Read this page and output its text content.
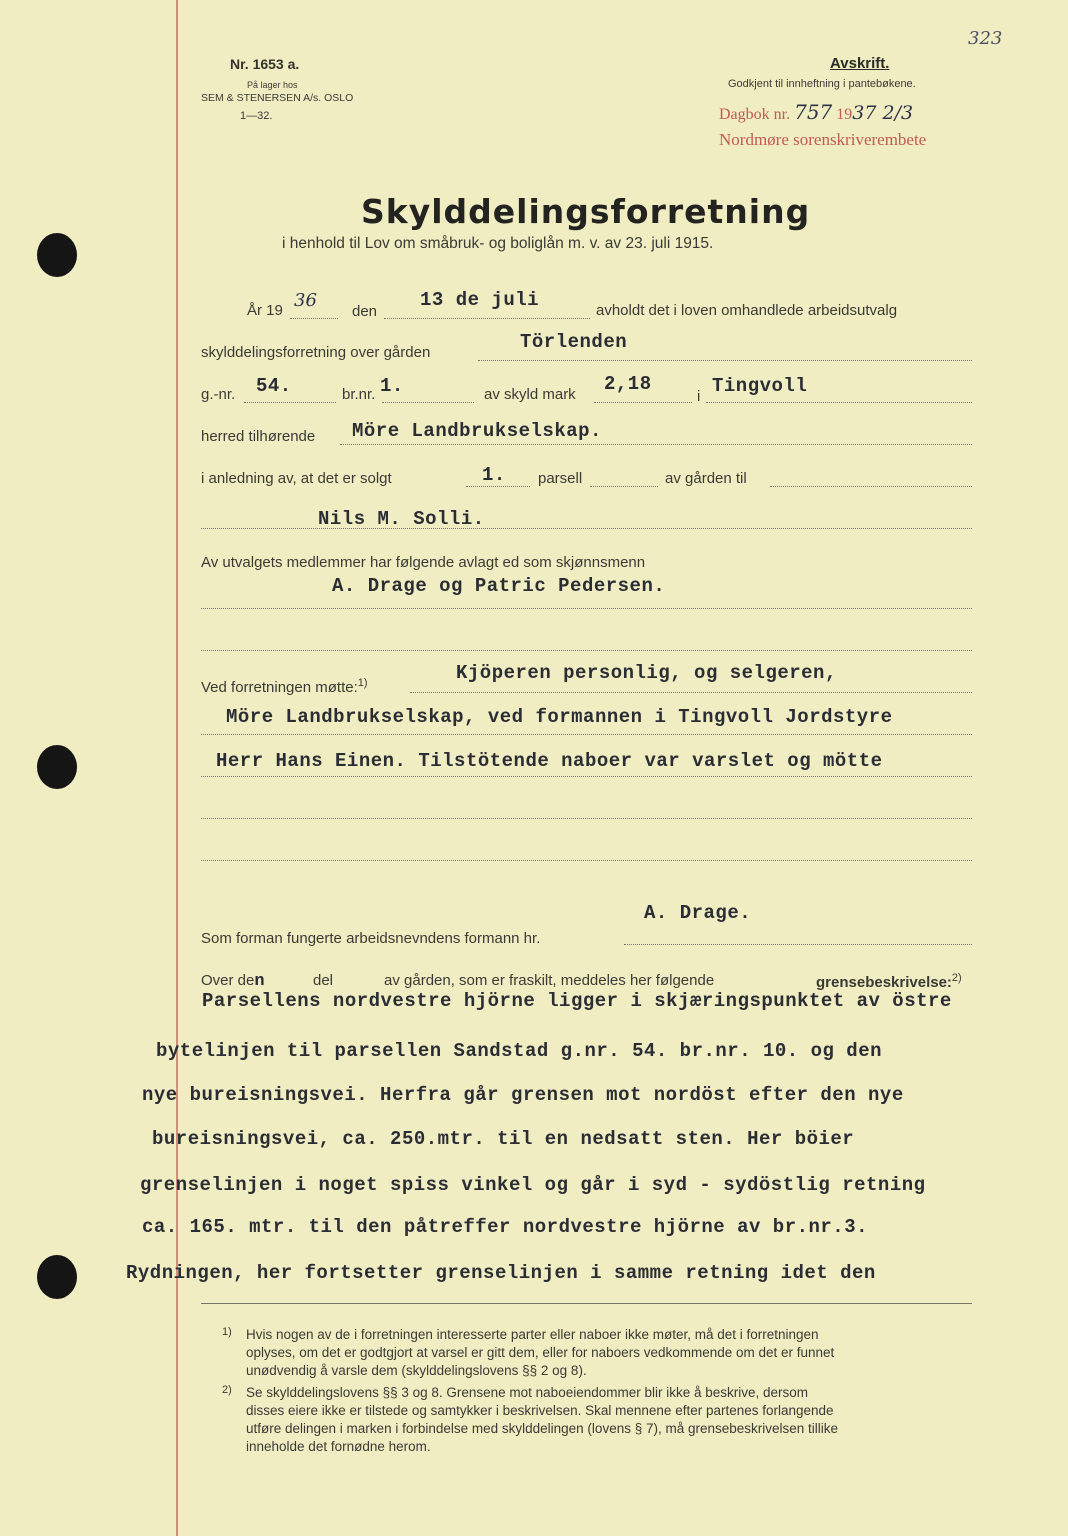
323
Nr. 1653 a.
På lager hos
SEM & STENERSEN A/s. OSLO
1—32.
Avskrift.
Godkjent til innheftning i pantebøkene.
Dagbok nr. 757 1937 2/3
Nordmøre sorenskriverembete
Skylddelingsforretning
i henhold til Lov om småbruk- og boliglån m. v. av 23. juli 1915.
År 19 36
den
13 de juli	avholdt det i loven omhandlede arbeidsutvalg
skylddelingsforretning over gården	Törlenden
g.-nr. 54.	br.nr. 1.	av skyld mark 2,18
i Tingvoll
herred tilhørende Möre Landbrukselskap.
i anledning av, at det er solgt	1. parsell	av gården til
Nils M. Solli.
Av utvalgets medlemmer har følgende avlagt ed som skjønnsmenn
A. Drage og Patric Pedersen.
Ved forretningen møtte:$^{1)}$	Kjöperen personlig, og selgeren,
Möre Landbrukselskap, ved formannen i Tingvoll Jordstyre
Herr Hans Einen. Tilstötende naboer var varslet og mötte
A. Drage.
Som forman fungerte arbeidsnevndens formann hr.
Over den	del	av gården, som er fraskilt, meddeles her følgende	grensebeskrivelse:$^{2)}$
Parsellens nordvestre hjörne ligger i skjæringspunktet av östre
bytelinjen til parsellen Sandstad g.nr. 54. br.nr. 10. og den
nye bureisningsvei. Herfra går grensen mot nordöst efter den nye
bureisningsvei, ca. 250.mtr. til en nedsatt sten. Her böier
grenselinjen i noget spiss vinkel og går i syd - sydöstlig retning
ca. 165. mtr. til den påtreffer nordvestre hjörne av br.nr.3.
Rydningen, her fortsetter grenselinjen i samme retning idet den
1) Hvis nogen av de i forretningen interesserte parter eller naboer ikke møter, må det i forretningen
oplyses, om det er godtgjort at varsel er gitt dem, eller for naboers vedkommende om det er funnet
unødvendig å varsle dem (skylddelingslovens §§ 2 og 8).
2) Se skylddelingslovens §§ 3 og 8. Grensene mot naboeiendommer blir ikke å beskrive, dersom
disses eiere ikke er tilstede og samtykker i beskrivelsen. Skal mennene efter partenes forlangende
utføre delingen i marken i forbindelse med skylddelingen (lovens § 7), må grensebeskrivelsen tillike
inneholde det fornødne herom.
